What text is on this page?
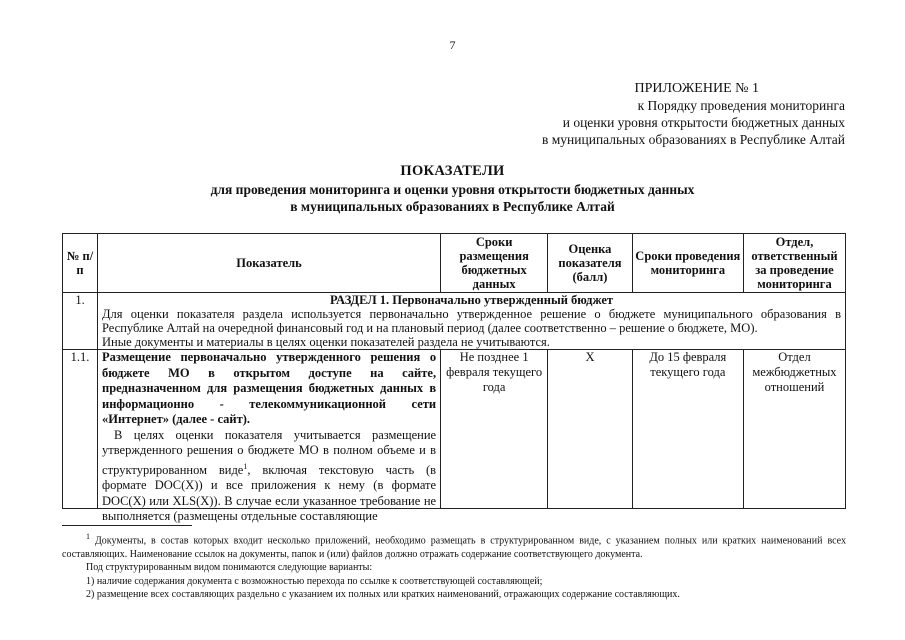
7
ПРИЛОЖЕНИЕ № 1
к Порядку проведения мониторинга
и оценки уровня открытости бюджетных данных
в муниципальных образованиях в Республике Алтай
ПОКАЗАТЕЛИ
для проведения мониторинга и оценки уровня открытости бюджетных данных
в муниципальных образованиях в Республике Алтай
№ п/п	Показатель	Сроки размещения бюджетных данных	Оценка показателя (балл)	Сроки проведения мониторинга	Отдел, ответственный за проведение мониторинга
1.	РАЗДЕЛ 1. Первоначально утвержденный бюджет
Для оценки показателя раздела используется первоначально утвержденное решение о бюджете муниципального образования в Республике Алтай на очередной финансовый год и на плановый период (далее соответственно – решение о бюджете, МО).
Иные документы и материалы в целях оценки показателей раздела не учитываются.				

1.1.	Размещение первоначально утвержденного решения о бюджете МО в открытом доступе на сайте, предназначенном для размещения бюджетных данных в информационно - телекоммуникационной сети «Интернет» (далее - сайт).
В целях оценки показателя учитывается размещение утвержденного решения о бюджете МО в полном объеме и в структурированном виде$^1$, включая текстовую часть (в формате DOC(X)) и все приложения к нему (в формате DOC(X) или XLS(X)). В случае если указанное требование не выполняется (размещены отдельные составляющие	Не позднее 1 февраля текущего года	X	До 15 февраля текущего года	Отдел межбюджетных отношений

$^1$ Документы, в состав которых входит несколько приложений, необходимо размещать в структурированном виде, с указанием полных или кратких наименований всех составляющих. Наименование ссылок на документы, папок и (или) файлов должно отражать содержание соответствующего документа.

Под структурированным видом понимаются следующие варианты:

1) наличие содержания документа с возможностью перехода по ссылке к соответствующей составляющей;

2) размещение всех составляющих раздельно с указанием их полных или кратких наименований, отражающих содержание составляющих.
